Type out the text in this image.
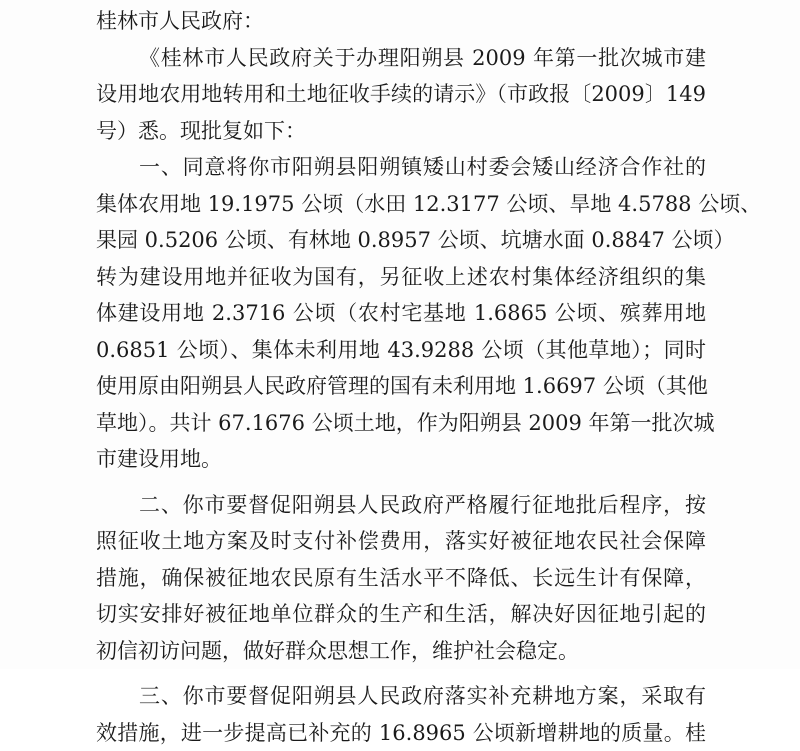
桂林市人民政府：
《桂林市人民政府关于办理阳朔县 2009 年第一批次城市建
设用地农用地转用和土地征收手续的请示》（市政报〔2009〕149
号）悉。现批复如下：
一、同意将你市阳朔县阳朔镇矮山村委会矮山经济合作社的
集体农用地 19.1975 公顷（水田 12.3177 公顷、旱地 4.5788 公顷、
果园 0.5206 公顷、有林地 0.8957 公顷、坑塘水面 0.8847 公顷）
转为建设用地并征收为国有，另征收上述农村集体经济组织的集
体建设用地 2.3716 公顷（农村宅基地 1.6865 公顷、殡葬用地
0.6851 公顷）、集体未利用地 43.9288 公顷（其他草地）；同时
使用原由阳朔县人民政府管理的国有未利用地 1.6697 公顷（其他
草地）。共计 67.1676 公顷土地，作为阳朔县 2009 年第一批次城
市建设用地。
二、你市要督促阳朔县人民政府严格履行征地批后程序，按
照征收土地方案及时支付补偿费用，落实好被征地农民社会保障
措施，确保被征地农民原有生活水平不降低、长远生计有保障，
切实安排好被征地单位群众的生产和生活，解决好因征地引起的
初信初访问题，做好群众思想工作，维护社会稳定。
三、你市要督促阳朔县人民政府落实补充耕地方案，采取有
效措施，进一步提高已补充的 16.8965 公顷新增耕地的质量。桂
